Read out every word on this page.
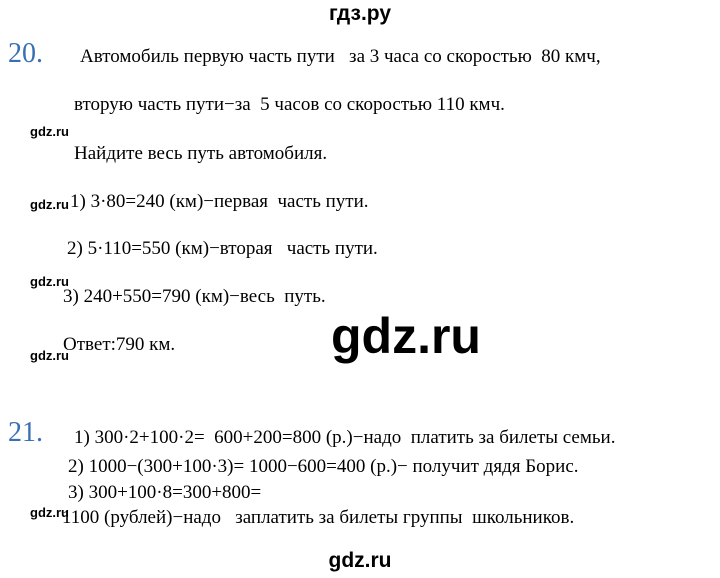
гдз.ру
20. Автомобиль первую часть пути   за 3 часа со скоростью  80 кмч,
вторую часть пути−за  5 часов со скоростью 110 кмч.
Найдите весь путь автомобиля.
1) 3·80=240 (км)−первая  часть пути.
2) 5·110=550 (км)−вторая   часть пути.
3) 240+550=790 (км)−весь  путь.
Ответ:790 км.
21. 1) 300·2+100·2=  600+200=800 (р.)−надо  платить за билеты семьи.
2) 1000−(300+100·3)= 1000−600=400 (р.)− получит дядя Борис.
3) 300+100·8=300+800=
1100 (рублей)−надо   заплатить за билеты группы  школьников.
gdz.ru
gdz.ru
gdz.ru
gdz.ru
gdz.ru
gdz.ru
gdz.ru
